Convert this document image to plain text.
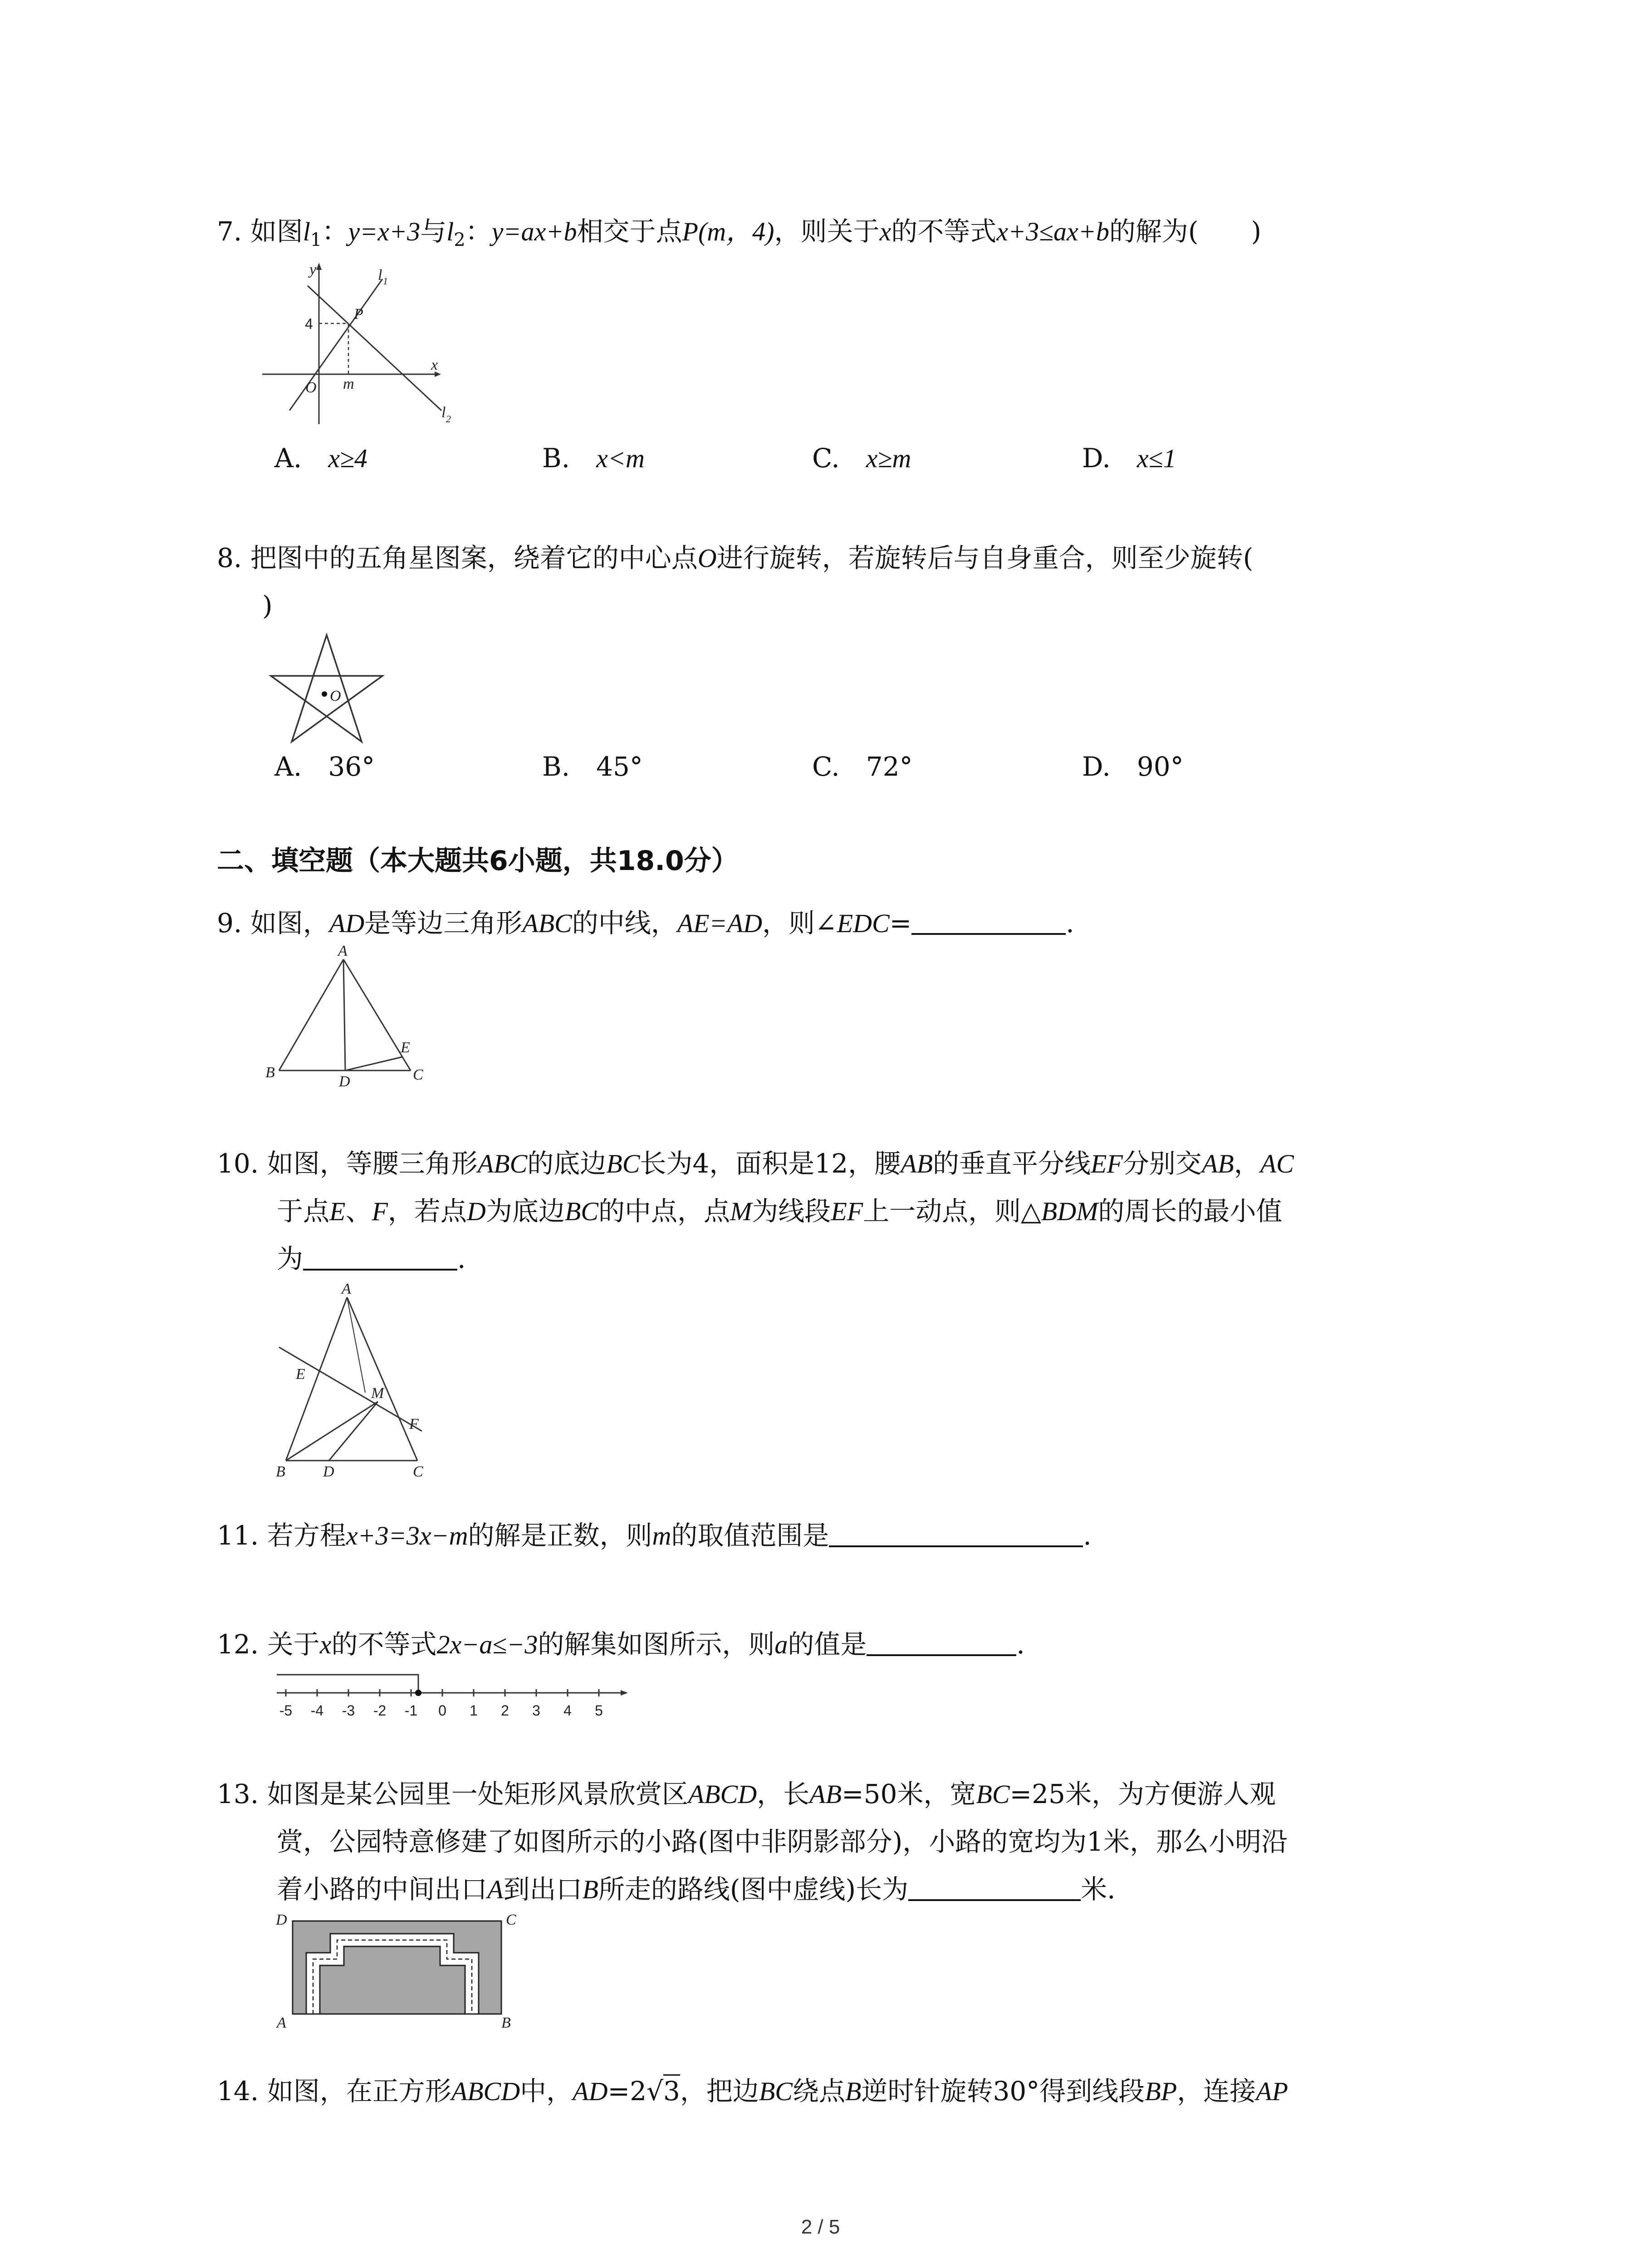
7. 如图$l_1$：y=x+3与$l_2$：y=ax+b相交于点P(m，4)，则关于x的不等式x+3≤ax+b的解为(　　)
y	l 1
P
4
O m
x
l 2
A.　 x≥4	B.　 x<m	C.　 x≥m	D.　 x≤1
8. 把图中的五角星图案，绕着它的中心点O进行旋转，若旋转后与自身重合，则至少旋转(
)
O
A.　 36°	B.　 45°	C.　 72°	D.　 90°
二、填空题（本大题共6小题，共18.0分）
9. 如图，AD是等边三角形ABC的中线，AE=AD，则∠EDC=	.
A
B	C
D
E
10. 如图，等腰三角形ABC的底边BC长为4，面积是12，腰AB的垂直平分线EF分别交AB，AC
于点E、F，若点D为底边BC的中点，点M为线段EF上一动点，则△BDM的周长的最小值
为	.
A
B	C
D
E
F
M
11. 若方程x+3=3x−m的解是正数，则m的取值范围是	.
12. 关于x的不等式2x−a≤−3的解集如图所示，则a的值是	.
-5 -4 -3 -2 -1 0 1 2 3 4 5
13. 如图是某公园里一处矩形风景欣赏区ABCD，长AB=50米，宽BC=25米，为方便游人观
赏，公园特意修建了如图所示的小路(图中非阴影部分)，小路的宽均为1米，那么小明沿
着小路的中间出口A到出口B所走的路线(图中虚线)长为	米.
D	C
A	B
14. 如图，在正方形ABCD中，AD=2√3，把边BC绕点B逆时针旋转30°得到线段BP，连接AP
2 / 5
